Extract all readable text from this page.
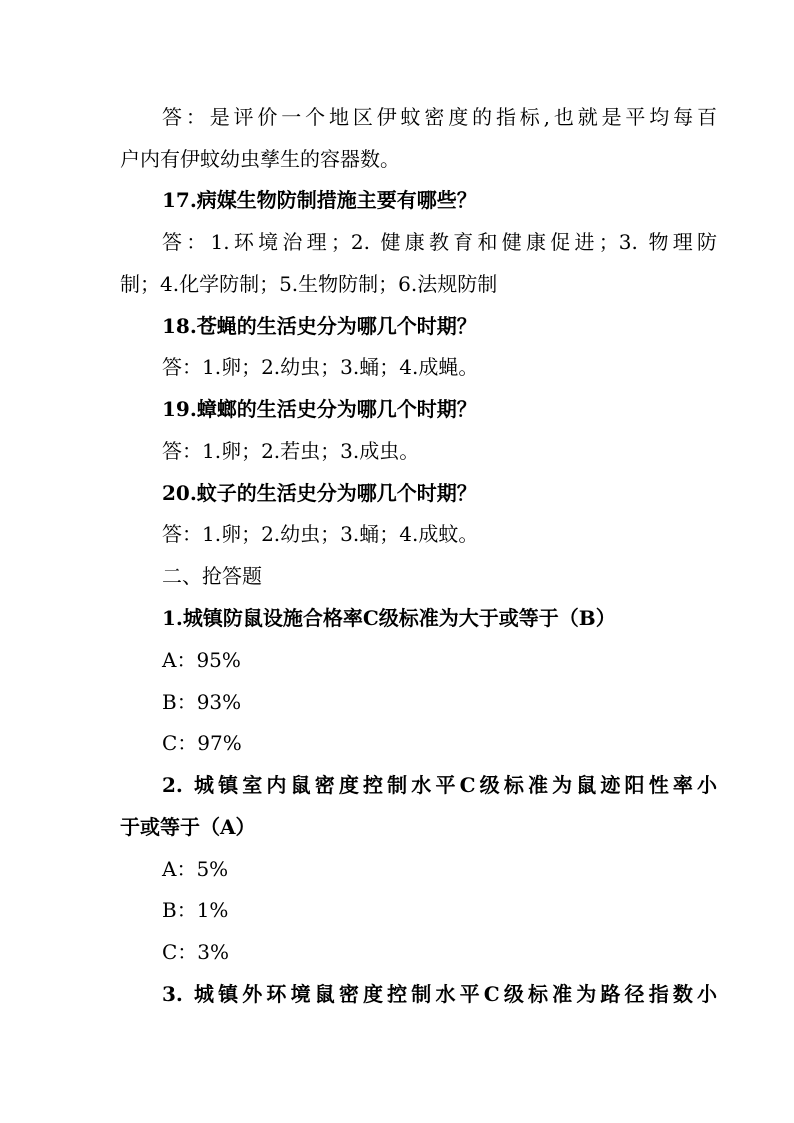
答：是评价一个地区伊蚊密度的指标,也就是平均每百

户内有伊蚊幼虫孳生的容器数。

17.病媒生物防制措施主要有哪些？

答：1.环境治理；2. 健康教育和健康促进；3. 物理防

制；4.化学防制；5.生物防制；6.法规防制

18.苍蝇的生活史分为哪几个时期？

答：1.卵；2.幼虫；3.蛹；4.成蝇。

19.蟑螂的生活史分为哪几个时期？

答：1.卵；2.若虫；3.成虫。

20.蚊子的生活史分为哪几个时期？

答：1.卵；2.幼虫；3.蛹；4.成蚊。

二、抢答题

1.城镇防鼠设施合格率C级标准为大于或等于（B）

A：95%

B：93%

C：97%

2. 城镇室内鼠密度控制水平C级标准为鼠迹阳性率小

于或等于（A）

A：5%

B：1%

C：3%

3. 城镇外环境鼠密度控制水平C级标准为路径指数小
